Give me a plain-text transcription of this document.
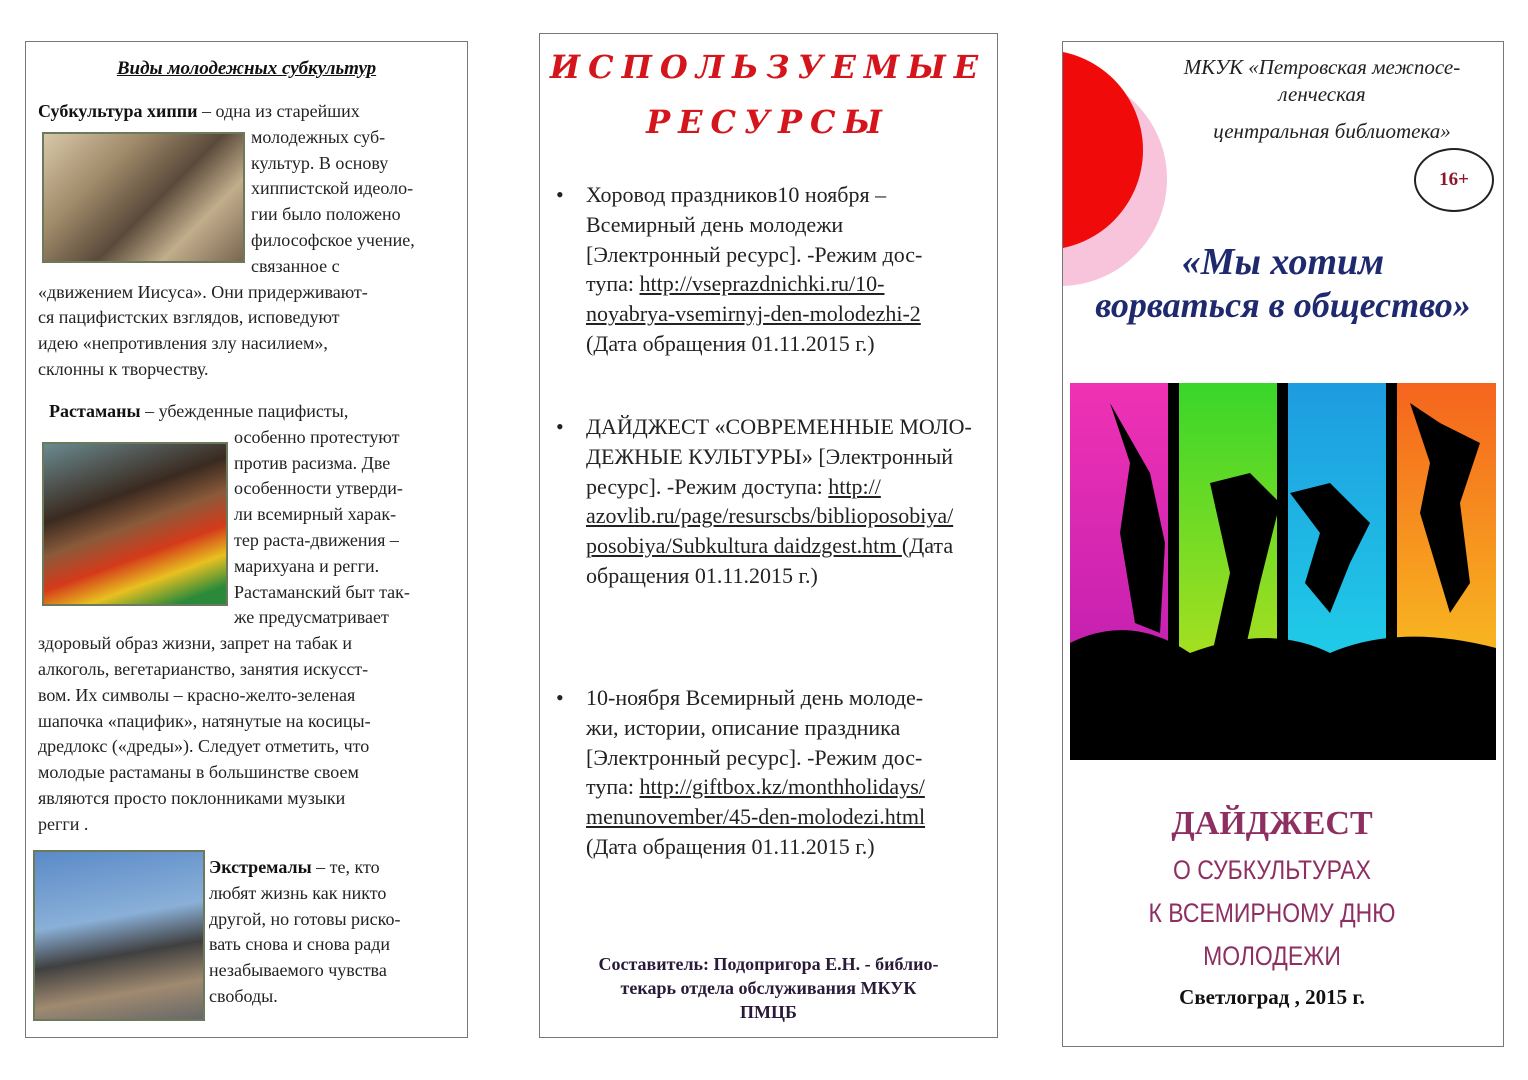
Виды молодежных субкультур
Субкультура хиппи – одна из старейших
молодежных суб-
культур. В основу
хиппистской идеоло-
гии было положено
философское учение,
связанное с
«движением Иисуса». Они придерживают-
ся пацифистских взглядов, исповедуют
идею «непротивления злу насилием»,
склонны к творчеству.
Растаманы – убежденные пацифисты,
особенно протестуют
против расизма. Две
особенности утверди-
ли всемирный харак-
тер раста-движения –
марихуана и регги.
Растаманский быт так-
же предусматривает
здоровый образ жизни, запрет на табак и
алкоголь, вегетарианство, занятия искусст-
вом. Их символы – красно-желто-зеленая
шапочка «пацифик», натянутые на косицы-
дредлокс («дреды»). Следует отметить, что
молодые растаманы в большинстве своем
являются просто поклонниками музыки
регги .
Экстремалы – те, кто
любят жизнь как никто
другой, но готовы риско-
вать снова и снова ради
незабываемого чувства
свободы.
ИСПОЛЬЗУЕМЫЕ
РЕСУРСЫ
• Хоровод праздников10 ноября –
Всемирный день молодежи
[Электронный ресурс]. -Режим дос-
тупа: http://vseprazdnichki.ru/10-
noyabrya-vsemirnyj-den-molodezhi-2
(Дата обращения 01.11.2015 г.)
• ДАЙДЖЕСТ «СОВРЕМЕННЫЕ МОЛО-
ДЕЖНЫЕ КУЛЬТУРЫ» [Электронный
ресурс]. -Режим доступа: http://
azovlib.ru/page/resurscbs/biblioposobiya/
posobiya/Subkultura daidzgest.htm (Дата
обращения 01.11.2015 г.)
• 10-ноября Всемирный день молоде-
жи, истории, описание праздника
[Электронный ресурс]. -Режим дос-
тупа: http://giftbox.kz/monthholidays/
menunovember/45-den-molodezi.html
(Дата обращения 01.11.2015 г.)
Составитель: Подопригора Е.Н. - библио-
текарь отдела обслуживания МКУК
ПМЦБ
МКУК «Петровская межпосе-
ленческая
центральная библиотека»
16+
«Мы хотим
ворваться в общество»
ДАЙДЖЕСТ
О СУБКУЛЬТУРАХ
К ВСЕМИРНОМУ ДНЮ
МОЛОДЕЖИ
Светлоград , 2015 г.
